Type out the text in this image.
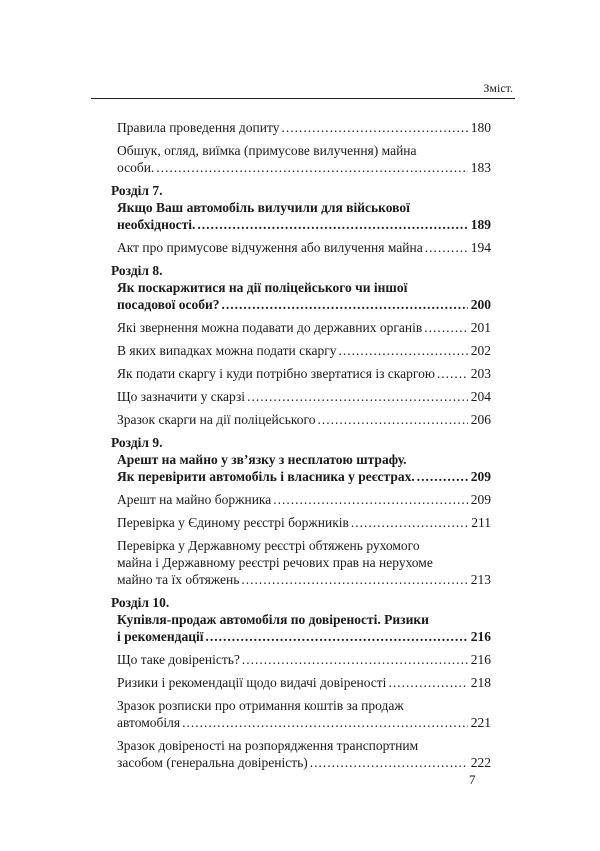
Зміст.
Правила проведення допиту .....	180
Обшук, огляд, виїмка (примусове вилучення) майна
особи. .....	183
Розділ 7.
Якщо Ваш автомобіль вилучили для військової
необхідності. .....	189
Акт про примусове відчуження або вилучення майна .....	194
Розділ 8.
Як поскаржитися на дії поліцейського чи іншої
посадової особи? .....	200
Які звернення можна подавати до державних органів .....	201
В яких випадках можна подати скаргу .....	202
Як подати скаргу і куди потрібно звертатися із скаргою .....	203
Що зазначити у скарзі .....	204
Зразок скарги на дії поліцейського .....	206
Розділ 9.
Арешт на майно у зв’язку з несплатою штрафу.
Як перевірити автомобіль і власника у реєстрах. .....	209
Арешт на майно боржника .....	209
Перевірка у Єдиному реєстрі боржників .....	211
Перевірка у Державному реєстрі обтяжень рухомого
майна і Державному реєстрі речових прав на нерухоме
майно та їх обтяжень .....	213
Розділ 10.
Купівля-продаж автомобіля по довіреності. Ризики
і рекомендації .....	216
Що таке довіреність? .....	216
Ризики і рекомендації щодо видачі довіреності .....	218
Зразок розписки про отримання коштів за продаж
автомобіля .....	221
Зразок довіреності на розпорядження транспортним
засобом (генеральна довіреність) .....	222
7
